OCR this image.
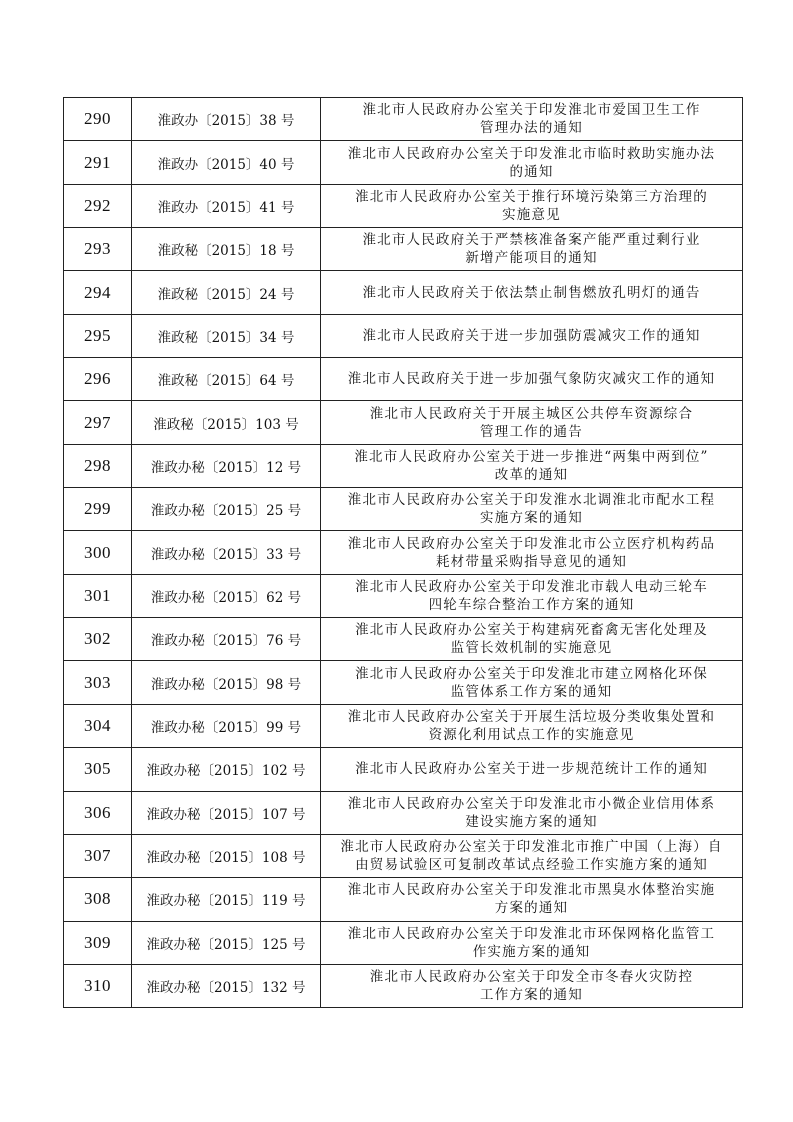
290	淮政办〔2015〕38 号	淮北市人民政府办公室关于印发淮北市爱国卫生工作
管理办法的通知

291	淮政办〔2015〕40 号	淮北市人民政府办公室关于印发淮北市临时救助实施办法
的通知

292	淮政办〔2015〕41 号	淮北市人民政府办公室关于推行环境污染第三方治理的
实施意见

293	淮政秘〔2015〕18 号	淮北市人民政府关于严禁核准备案产能严重过剩行业
新增产能项目的通知

294	淮政秘〔2015〕24 号	淮北市人民政府关于依法禁止制售燃放孔明灯的通告

295	淮政秘〔2015〕34 号	淮北市人民政府关于进一步加强防震减灾工作的通知

296	淮政秘〔2015〕64 号	淮北市人民政府关于进一步加强气象防灾减灾工作的通知

297	淮政秘〔2015〕103 号	淮北市人民政府关于开展主城区公共停车资源综合
管理工作的通告

298	淮政办秘〔2015〕12 号	淮北市人民政府办公室关于进一步推进“两集中两到位”
改革的通知

299	淮政办秘〔2015〕25 号	淮北市人民政府办公室关于印发淮水北调淮北市配水工程
实施方案的通知

300	淮政办秘〔2015〕33 号	淮北市人民政府办公室关于印发淮北市公立医疗机构药品
耗材带量采购指导意见的通知

301	淮政办秘〔2015〕62 号	淮北市人民政府办公室关于印发淮北市载人电动三轮车
四轮车综合整治工作方案的通知

302	淮政办秘〔2015〕76 号	淮北市人民政府办公室关于构建病死畜禽无害化处理及
监管长效机制的实施意见

303	淮政办秘〔2015〕98 号	淮北市人民政府办公室关于印发淮北市建立网格化环保
监管体系工作方案的通知

304	淮政办秘〔2015〕99 号	淮北市人民政府办公室关于开展生活垃圾分类收集处置和
资源化利用试点工作的实施意见

305	淮政办秘〔2015〕102 号	淮北市人民政府办公室关于进一步规范统计工作的通知

306	淮政办秘〔2015〕107 号	淮北市人民政府办公室关于印发淮北市小微企业信用体系
建设实施方案的通知

307	淮政办秘〔2015〕108 号	淮北市人民政府办公室关于印发淮北市推广中国（上海）自
由贸易试验区可复制改革试点经验工作实施方案的通知

308	淮政办秘〔2015〕119 号	淮北市人民政府办公室关于印发淮北市黑臭水体整治实施
方案的通知

309	淮政办秘〔2015〕125 号	淮北市人民政府办公室关于印发淮北市环保网格化监管工
作实施方案的通知

310	淮政办秘〔2015〕132 号	淮北市人民政府办公室关于印发全市冬春火灾防控
工作方案的通知
